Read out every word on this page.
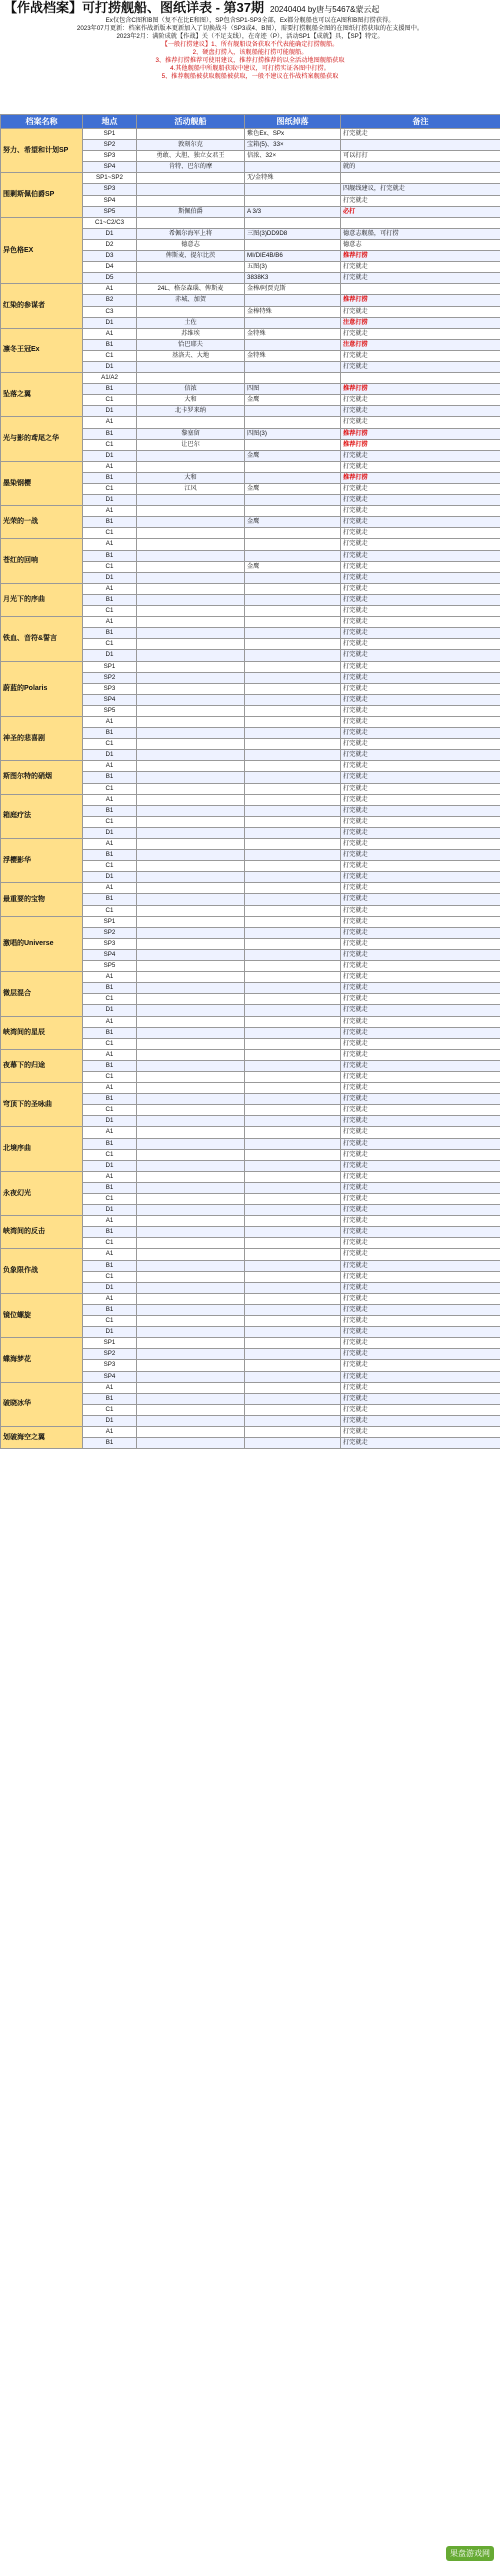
【作战档案】可打捞舰船、图纸详表 - 第37期 20240404 by唐与5467&蒙云起
Ex仅包含C图和B图（复不在比E和图），SP包含SP1-SP3全部，Ex都分舰船也可以在A图和B图打捞获得。
2023年07月更新：档案作战新版本更新加入了切换战斗（SP3或4、B图），需要打捞舰船全图的在图纸打捞获取的在支援图中。
2023年2月：满阶成就【作战】关（不足支线），在奇迹（P），活动SP1【成就】具，【SP】特定。
【一般打捞建议】1、所有舰船设备获取不代表能确定打捞舰船。
2、硬盘打捞入，该舰船能打捞可能舰船。
3、推荐打捞推荐可使用建议，推荐打捞推荐的以全活动地图舰船获取
4.其他舰船中所舰船获取中建议，可打捞实证各图中打捞。
5、推荐舰船被获取舰船被获取，一般不建议在作战档案舰船获取
档案名称	地点	活动舰船	图纸掉落	备注
努力、希望和计划SP	SP1		紫色Ex、SPx	打完就走
	SP2	敦刻尔克	宝箱(5)、33×	
	SP3	勇敢、大胆、独立女君王	信浓、32×	可以打打
	SP4	肯特、巴尔的摩		就的
围剿斯佩伯爵SP	SP1~SP2		无/金特殊	
	SP3			四舰线建议，打完就走
	SP4			打完就走
	SP5	斯佩伯爵	A 3/3	必打
异色格EX	C1~C2/C3			
	D1	希佩尔海军上将	三图(3)DD9D8	德意志舰船，可打捞
	D2	德意志		德意志
	D3	俾斯麦、提尔比茨	MI/DIE4B/B6	推荐打捞
	D4		五图(3)	打完就走
	D5		3838K3	打完就走
红染的参谋者	A1	24L、格奈森瑙、俾斯麦	金棒/阿贾克斯	
	B2	赤城、加贺		推荐打捞
	C3		金棒特殊	打完就走
	D1	土佐		注意打捞
凛冬王冠Ex	A1	苏维埃	金特殊	打完就走
	B1	恰巴耶夫		注意打捞
	C1	基洛夫、大地	金特殊	打完就走
	D1			打完就走
坠落之翼	A1/A2			
	B1	信浓	四图	推荐打捞
	C1	大和	金鹰	打完就走
	D1	北卡罗来纳		打完就走
光与影的鸢尾之华	A1			打完就走
	B1	黎塞留	四图(3)	推荐打捞
	C1	让巴尔		推荐打捞
	D1		金鹰	打完就走
墨染钢樱	A1			打完就走
	B1	大和		推荐打捞
	C1	江风	金鹰	打完就走
	D1			打完就走
光荣的一战	A1			打完就走
	B1		金鹰	打完就走
	C1			打完就走
苍红的回响	A1			打完就走
	B1			打完就走
	C1		金鹰	打完就走
	D1			打完就走
月光下的序曲	A1			打完就走
	B1			打完就走
	C1			打完就走
铁血、音符&誓言	A1			打完就走
	B1			打完就走
	C1			打完就走
	D1			打完就走
蔚蓝的Polaris	SP1			打完就走
	SP2			打完就走
	SP3			打完就走
	SP4			打完就走
	SP5			打完就走
神圣的悲喜剧	A1			打完就走
	B1			打完就走
	C1			打完就走
	D1			打完就走
斯图尔特的硝烟	A1			打完就走
	B1			打完就走
	C1			打完就走
箱庭疗法	A1			打完就走
	B1			打完就走
	C1			打完就走
	D1			打完就走
浮樱影华	A1			打完就走
	B1			打完就走
	C1			打完就走
	D1			打完就走
最重要的宝物	A1			打完就走
	B1			打完就走
	C1			打完就走
激唱的Universe	SP1			打完就走
	SP2			打完就走
	SP3			打完就走
	SP4			打完就走
	SP5			打完就走
微层混合	A1			打完就走
	B1			打完就走
	C1			打完就走
	D1			打完就走
峡湾间的星辰	A1			打完就走
	B1			打完就走
	C1			打完就走
夜幕下的归途	A1			打完就走
	B1			打完就走
	C1			打完就走
穹顶下的圣咏曲	A1			打完就走
	B1			打完就走
	C1			打完就走
	D1			打完就走
北境序曲	A1			打完就走
	B1			打完就走
	C1			打完就走
	D1			打完就走
永夜幻光	A1			打完就走
	B1			打完就走
	C1			打完就走
	D1			打完就走
峡湾间的反击	A1			打完就走
	B1			打完就走
	C1			打完就走
负象限作战	A1			打完就走
	B1			打完就走
	C1			打完就走
	D1			打完就走
镜位螺旋	A1			打完就走
	B1			打完就走
	C1			打完就走
	D1			打完就走
蝶海梦花	SP1			打完就走
	SP2			打完就走
	SP3			打完就走
	SP4			打完就走
破晓冰华	A1			打完就走
	B1			打完就走
	C1			打完就走
	D1			打完就走
划破海空之翼	A1			打完就走
	B1			打完就走
果盘游戏网
